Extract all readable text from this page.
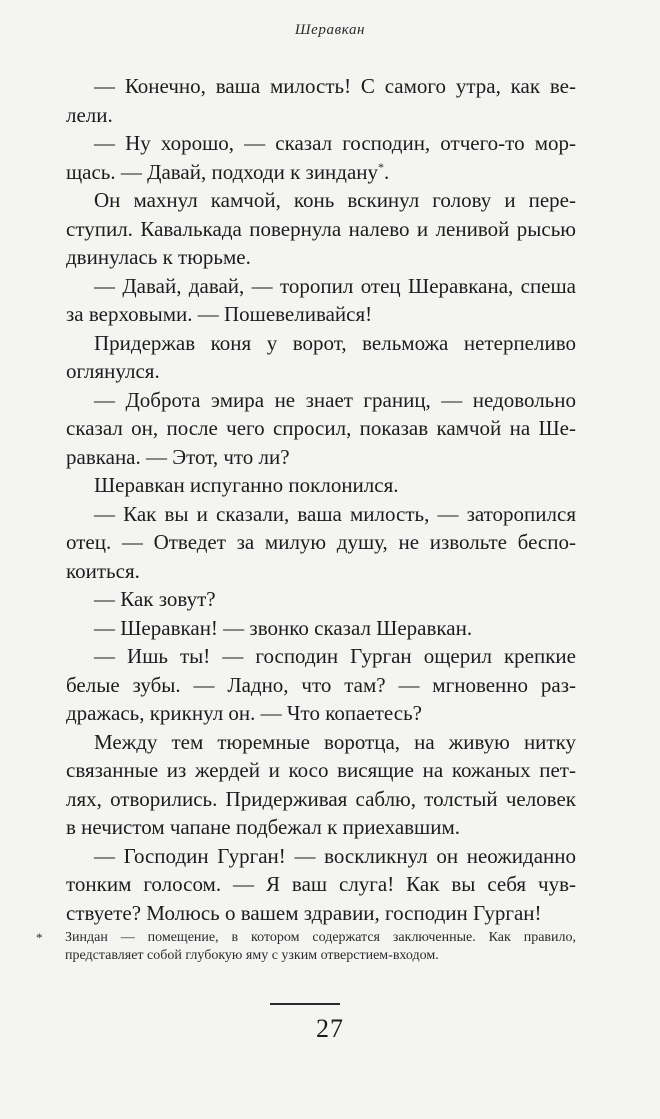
Шеравкан

— Конечно, ваша милость! С самого утра, как велели.

— Ну хорошо, — сказал господин, отчего-то морщась. — Давай, подходи к зиндану*.

Он махнул камчой, конь вскинул голову и переступил. Кавалькада повернула налево и ленивой рысью двинулась к тюрьме.

— Давай, давай, — торопил отец Шеравкана, спеша за верховыми. — Пошевеливайся!

Придержав коня у ворот, вельможа нетерпеливо оглянулся.

— Доброта эмира не знает границ, — недовольно сказал он, после чего спросил, показав камчой на Шеравкана. — Этот, что ли?

Шеравкан испуганно поклонился.

— Как вы и сказали, ваша милость, — заторопился отец. — Отведет за милую душу, не извольте беспокоиться.

— Как зовут?

— Шеравкан! — звонко сказал Шеравкан.

— Ишь ты! — господин Гурган ощерил крепкие белые зубы. — Ладно, что там? — мгновенно раздражась, крикнул он. — Что копаетесь?

Между тем тюремные воротца, на живую нитку связанные из жердей и косо висящие на кожаных петлях, отворились. Придерживая саблю, толстый человек в нечистом чапане подбежал к приехавшим.

— Господин Гурган! — воскликнул он неожиданно тонким голосом. — Я ваш слуга! Как вы себя чувствуете? Молюсь о вашем здравии, господин Гурган!

* Зиндан — помещение, в котором содержатся заключенные. Как правило, представляет собой глубокую яму с узким отверстием-входом.
27
